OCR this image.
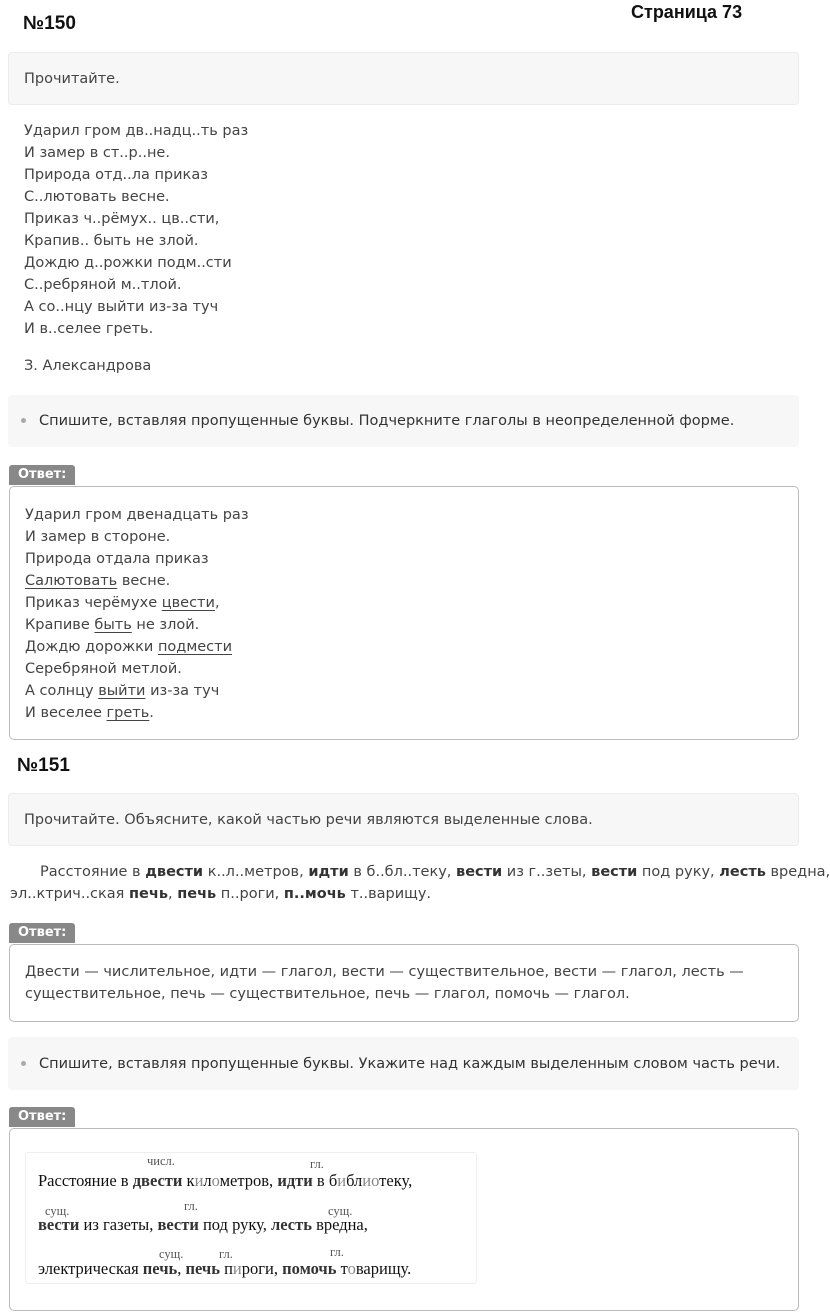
№150
Страница 73
Прочитайте.
Ударил гром дв..надц..ть раз
И замер в ст..р..не.
Природа отд..ла приказ
С..лютовать весне.
Приказ ч..рёмух.. цв..сти,
Крапив.. быть не злой.
Дождю д..рожки подм..сти
С..ребряной м..тлой.
А со..нцу выйти из-за туч
И в..селее греть.
З. Александрова
Спишите, вставляя пропущенные буквы. Подчеркните глаголы в неопределенной форме.
Ответ:
Ударил гром двенадцать раз
И замер в стороне.
Природа отдала приказ
Салютовать весне.
Приказ черёмухе цвести,
Крапиве быть не злой.
Дождю дорожки подмести
Серебряной метлой.
А солнцу выйти из-за туч
И веселее греть.
№151
Прочитайте. Объясните, какой частью речи являются выделенные слова.
Расстояние в двести к..л..метров, идти в б..бл..теку, вести из г..зеты, вести под руку, лесть вредна,
эл..ктрич..ская печь, печь п..роги, п..мочь т..варищу.
Ответ:
Двести — числительное, идти — глагол, вести — существительное, вести — глагол, лесть —
существительное, печь — существительное, печь — глагол, помочь — глагол.
Спишите, вставляя пропущенные буквы. Укажите над каждым выделенным словом часть речи.
Ответ:
числ.	гл.
сущ.	гл.	сущ.
сущ.	гл.	гл.
Расстояние в двести километров, идти в библиотеку,
вести из газеты, вести под руку, лесть вредна,
электрическая печь, печь пироги, помочь товарищу.
